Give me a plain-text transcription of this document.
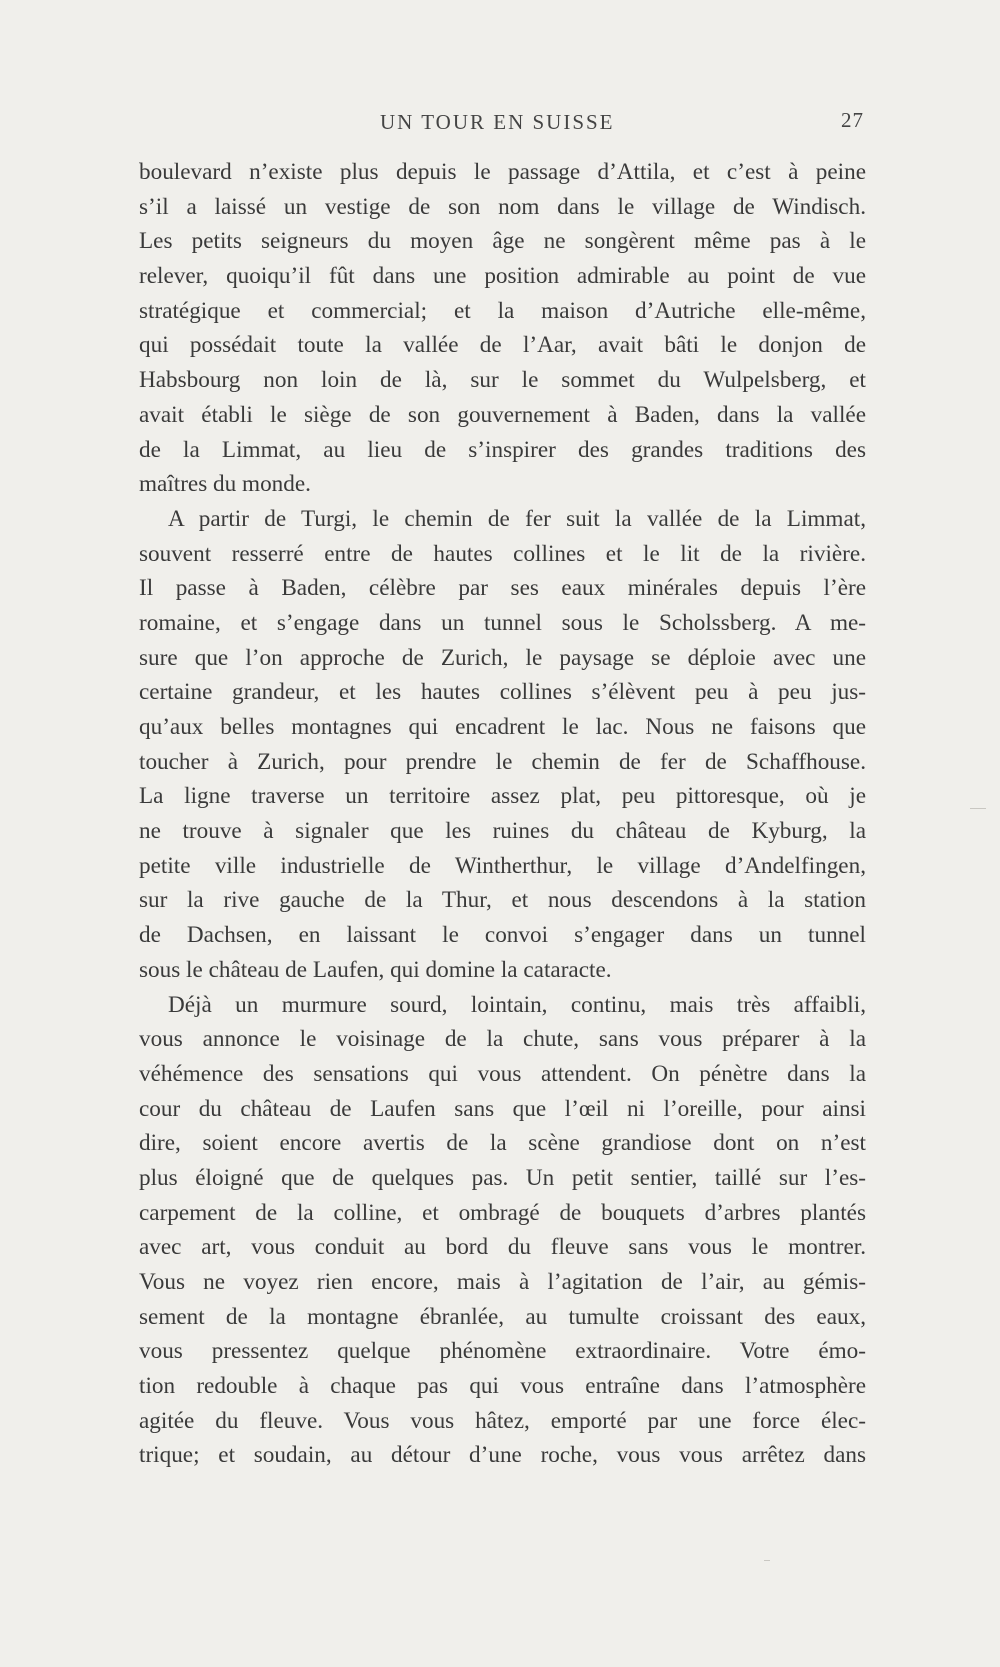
UN TOUR EN SUISSE	27
boulevard n’existe plus depuis le passage d’Attila, et c’est à peine
s’il a laissé un vestige de son nom dans le village de Windisch.
Les petits seigneurs du moyen âge ne songèrent même pas à le
relever, quoiqu’il fût dans une position admirable au point de vue
stratégique et commercial; et la maison d’Autriche elle-même,
qui possédait toute la vallée de l’Aar, avait bâti le donjon de
Habsbourg non loin de là, sur le sommet du Wulpelsberg, et
avait établi le siège de son gouvernement à Baden, dans la vallée
de la Limmat, au lieu de s’inspirer des grandes traditions des
maîtres du monde.
A partir de Turgi, le chemin de fer suit la vallée de la Limmat,
souvent resserré entre de hautes collines et le lit de la rivière.
Il passe à Baden, célèbre par ses eaux minérales depuis l’ère
romaine, et s’engage dans un tunnel sous le Scholssberg. A me-
sure que l’on approche de Zurich, le paysage se déploie avec une
certaine grandeur, et les hautes collines s’élèvent peu à peu jus-
qu’aux belles montagnes qui encadrent le lac. Nous ne faisons que
toucher à Zurich, pour prendre le chemin de fer de Schaffhouse.
La ligne traverse un territoire assez plat, peu pittoresque, où je
ne trouve à signaler que les ruines du château de Kyburg, la
petite ville industrielle de Wintherthur, le village d’Andelfingen,
sur la rive gauche de la Thur, et nous descendons à la station
de Dachsen, en laissant le convoi s’engager dans un tunnel
sous le château de Laufen, qui domine la cataracte.
Déjà un murmure sourd, lointain, continu, mais très affaibli,
vous annonce le voisinage de la chute, sans vous préparer à la
véhémence des sensations qui vous attendent. On pénètre dans la
cour du château de Laufen sans que l’œil ni l’oreille, pour ainsi
dire, soient encore avertis de la scène grandiose dont on n’est
plus éloigné que de quelques pas. Un petit sentier, taillé sur l’es-
carpement de la colline, et ombragé de bouquets d’arbres plantés
avec art, vous conduit au bord du fleuve sans vous le montrer.
Vous ne voyez rien encore, mais à l’agitation de l’air, au gémis-
sement de la montagne ébranlée, au tumulte croissant des eaux,
vous pressentez quelque phénomène extraordinaire. Votre émo-
tion redouble à chaque pas qui vous entraîne dans l’atmosphère
agitée du fleuve. Vous vous hâtez, emporté par une force élec-
trique; et soudain, au détour d’une roche, vous vous arrêtez dans
